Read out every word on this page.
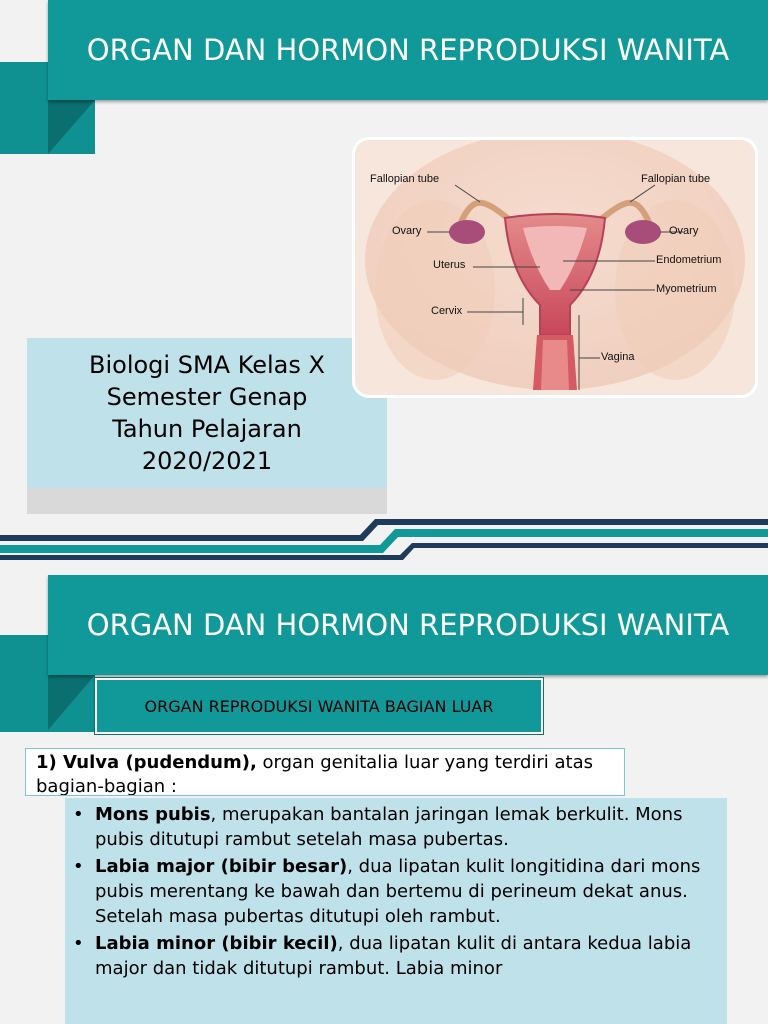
ORGAN DAN HORMON REPRODUKSI WANITA
Biologi SMA Kelas X
Semester Genap
Tahun Pelajaran
2020/2021
Fallopian tube	Fallopian tube
Ovary	Ovary
Uterus	Endometrium
Myometrium
Cervix
Vagina
ORGAN DAN HORMON REPRODUKSI WANITA
ORGAN REPRODUKSI WANITA BAGIAN LUAR
1) Vulva (pudendum), organ genitalia luar yang terdiri atas bagian-bagian :
• Mons pubis, merupakan bantalan jaringan lemak berkulit. Mons pubis ditutupi rambut setelah masa pubertas.
• Labia major (bibir besar), dua lipatan kulit longitidina dari mons pubis merentang ke bawah dan bertemu di perineum dekat anus. Setelah masa pubertas ditutupi oleh rambut.
• Labia minor (bibir kecil), dua lipatan kulit di antara kedua labia major dan tidak ditutupi rambut. Labia minor
